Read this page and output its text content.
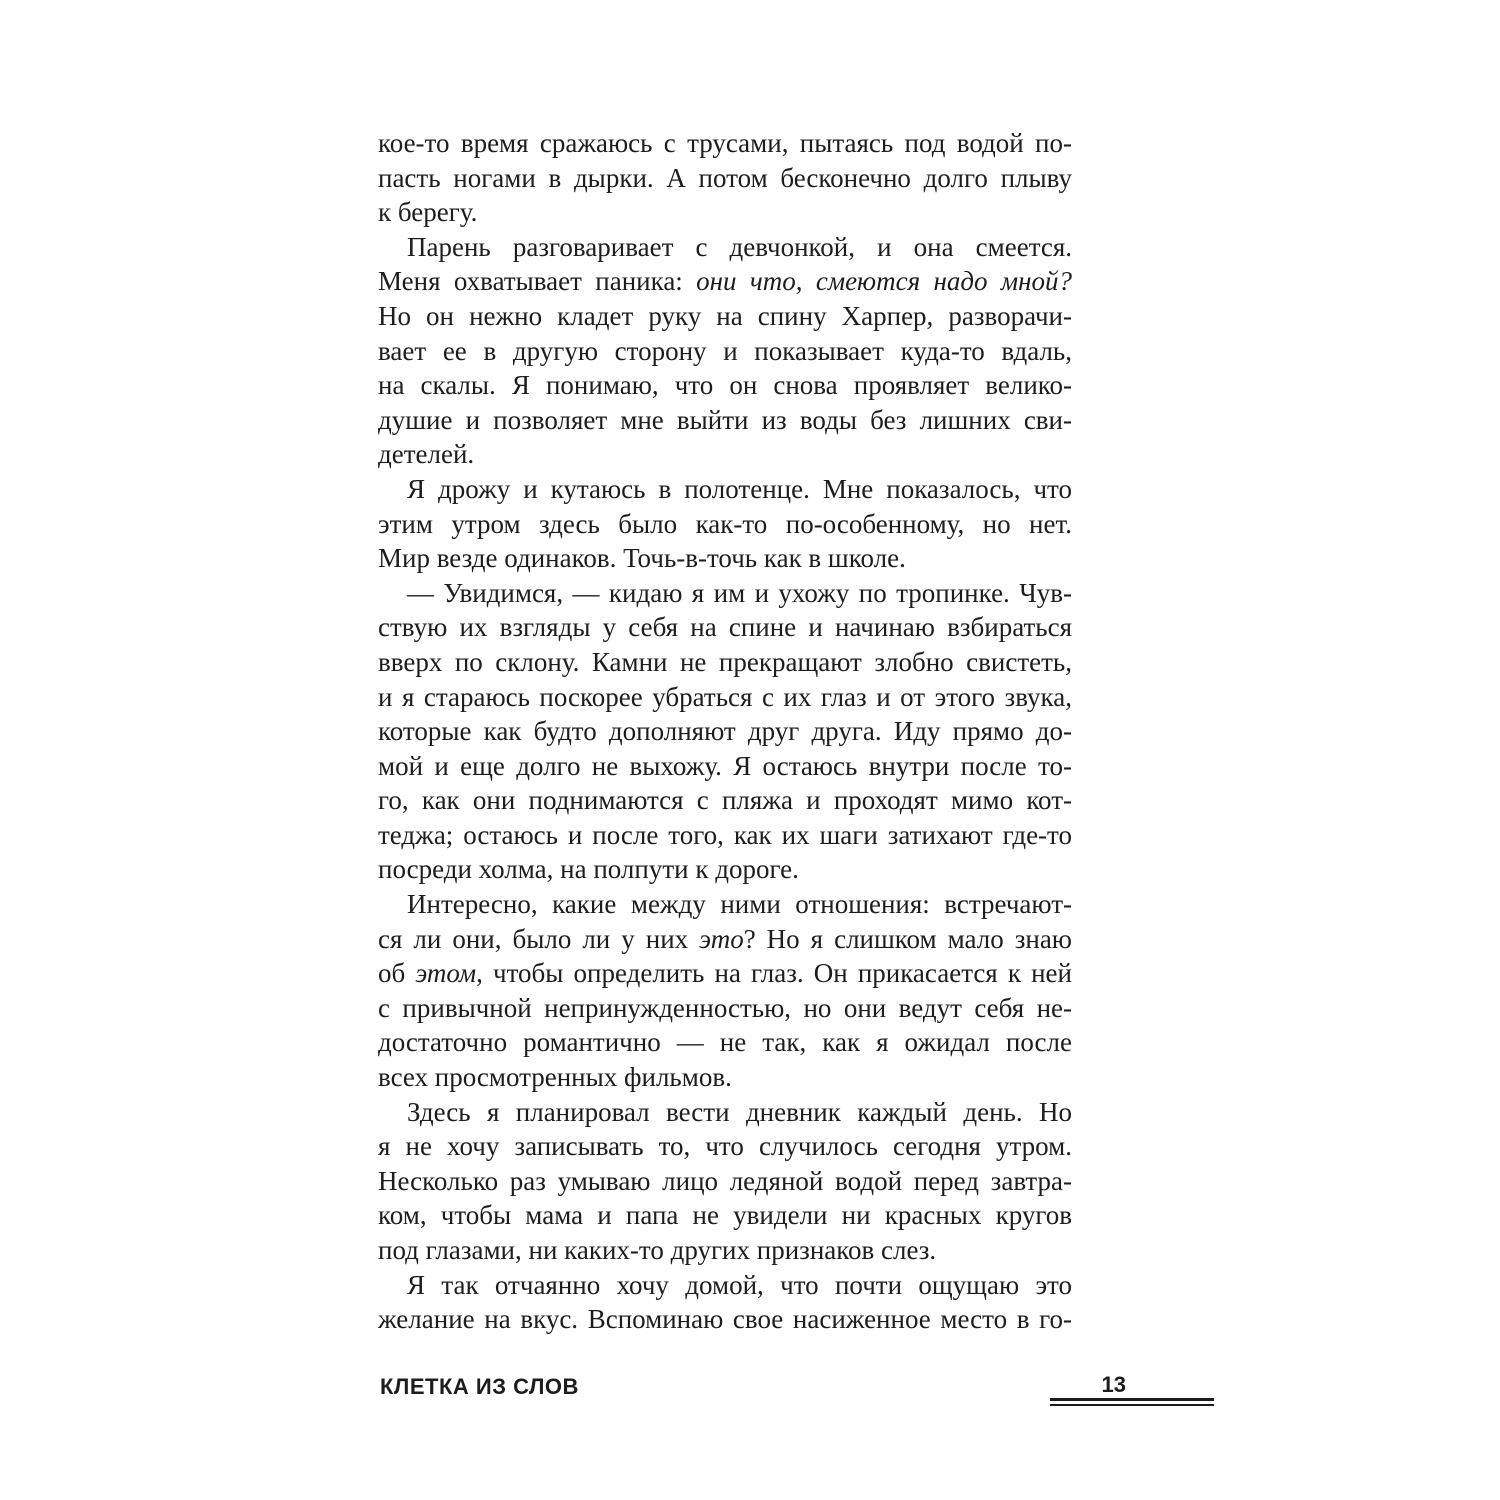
кое-то время сражаюсь с трусами, пытаясь под водой по-
пасть ногами в дырки. А потом бесконечно долго плыву
к берегу.
Парень разговаривает с девчонкой, и она смеется.
Меня охватывает паника: они что, смеются надо мной?
Но он нежно кладет руку на спину Харпер, разворачи-
вает ее в другую сторону и показывает куда-то вдаль,
на скалы. Я понимаю, что он снова проявляет велико-
душие и позволяет мне выйти из воды без лишних сви-
детелей.
Я дрожу и кутаюсь в полотенце. Мне показалось, что
этим утром здесь было как-то по-особенному, но нет.
Мир везде одинаков. Точь-в-точь как в школе.
— Увидимся, — кидаю я им и ухожу по тропинке. Чув-
ствую их взгляды у себя на спине и начинаю взбираться
вверх по склону. Камни не прекращают злобно свистеть,
и я стараюсь поскорее убраться с их глаз и от этого звука,
которые как будто дополняют друг друга. Иду прямо до-
мой и еще долго не выхожу. Я остаюсь внутри после то-
го, как они поднимаются с пляжа и проходят мимо кот-
теджа; остаюсь и после того, как их шаги затихают где-то
посреди холма, на полпути к дороге.
Интересно, какие между ними отношения: встречают-
ся ли они, было ли у них это? Но я слишком мало знаю
об этом, чтобы определить на глаз. Он прикасается к ней
с привычной непринужденностью, но они ведут себя не-
достаточно романтично — не так, как я ожидал после
всех просмотренных фильмов.
Здесь я планировал вести дневник каждый день. Но
я не хочу записывать то, что случилось сегодня утром.
Несколько раз умываю лицо ледяной водой перед завтра-
ком, чтобы мама и папа не увидели ни красных кругов
под глазами, ни каких-то других признаков слез.
Я так отчаянно хочу домой, что почти ощущаю это
желание на вкус. Вспоминаю свое насиженное место в го-
КЛЕТКА ИЗ СЛОВ	13
